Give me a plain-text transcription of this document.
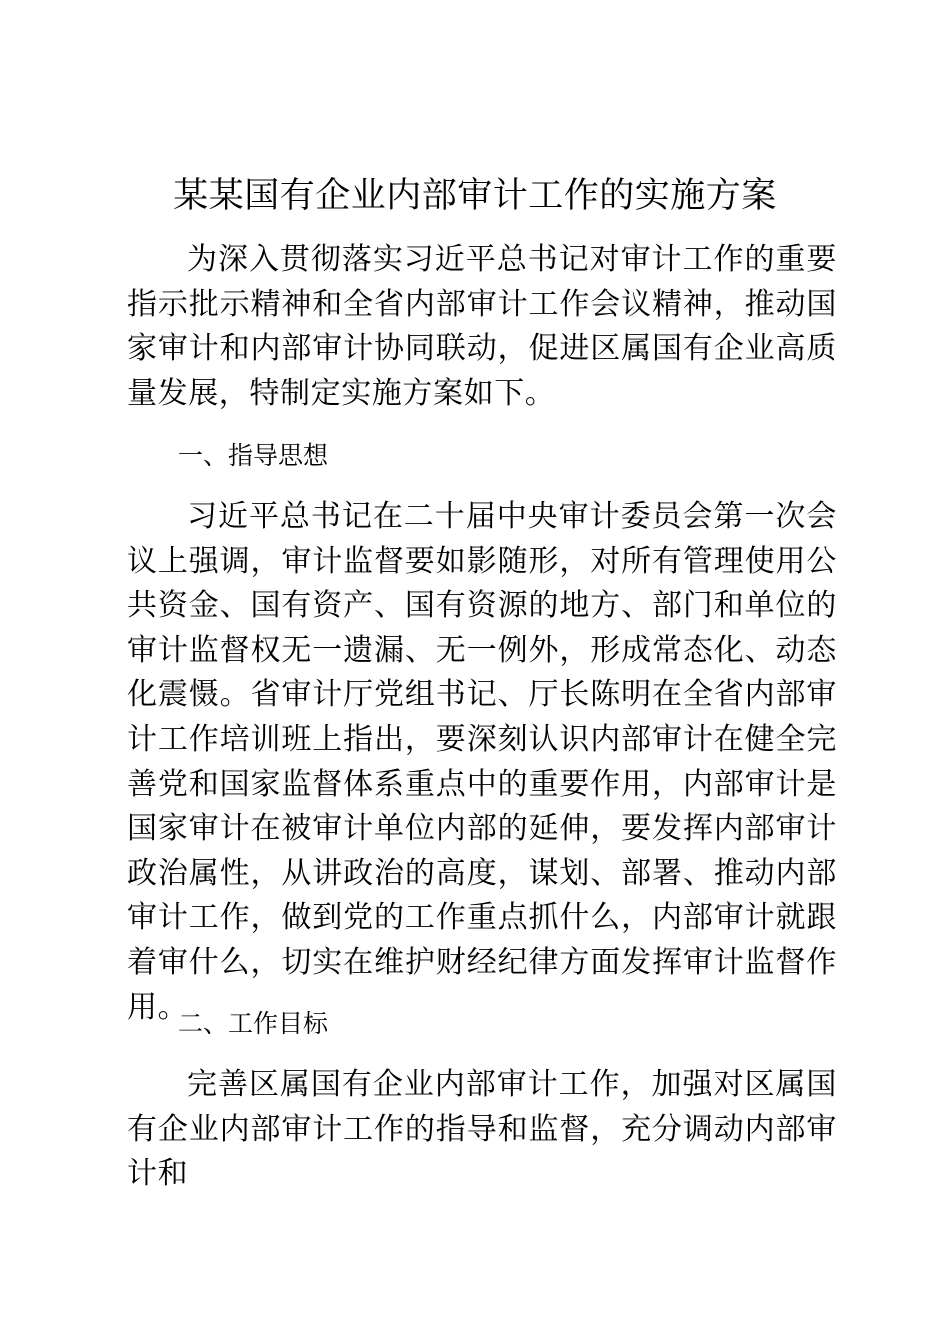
某某国有企业内部审计工作的实施方案

为深入贯彻落实习近平总书记对审计工作的重要指示批示精神和全省内部审计工作会议精神，推动国家审计和内部审计协同联动，促进区属国有企业高质量发展，特制定实施方案如下。

一、指导思想

习近平总书记在二十届中央审计委员会第一次会议上强调，审计监督要如影随形，对所有管理使用公共资金、国有资产、国有资源的地方、部门和单位的审计监督权无一遗漏、无一例外，形成常态化、动态化震慑。省审计厅党组书记、厅长陈明在全省内部审计工作培训班上指出，要深刻认识内部审计在健全完善党和国家监督体系重点中的重要作用，内部审计是国家审计在被审计单位内部的延伸，要发挥内部审计政治属性，从讲政治的高度，谋划、部署、推动内部审计工作，做到党的工作重点抓什么，内部审计就跟着审什么，切实在维护财经纪律方面发挥审计监督作用。

二、工作目标

完善区属国有企业内部审计工作，加强对区属国有企业内部审计工作的指导和监督，充分调动内部审计和
